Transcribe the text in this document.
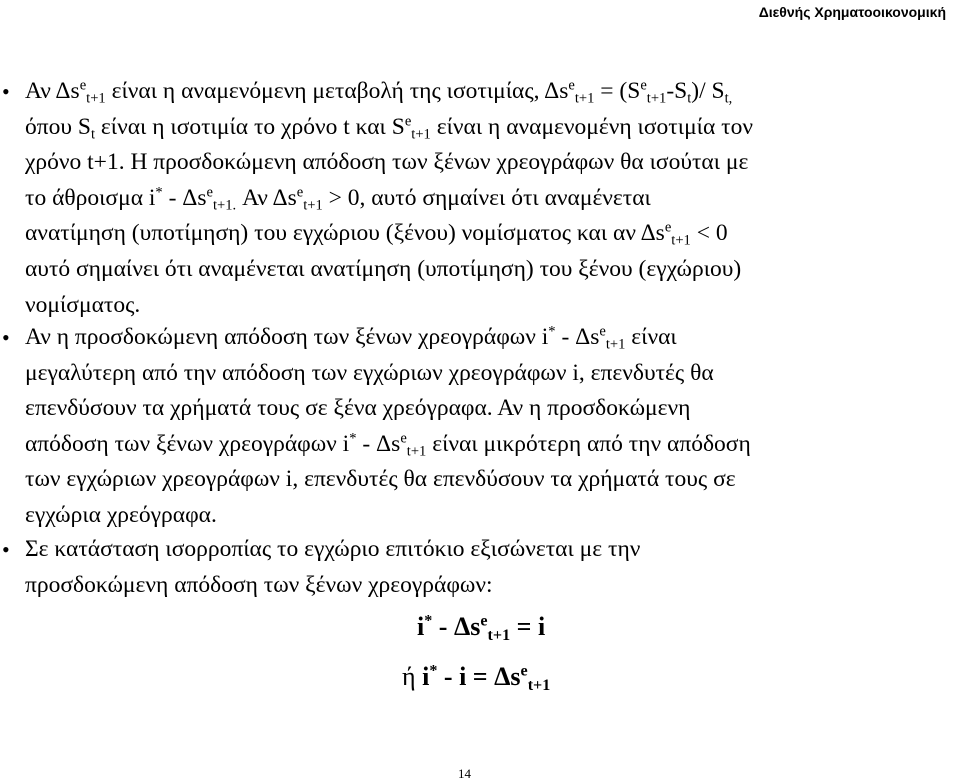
Διεθνής Χρηματοοικονομική
• Αν $\Delta s^e_{t+1}$ είναι η αναμενόμενη μεταβολή της ισοτιμίας, $\Delta s^e_{t+1} = (S^e_{t+1}-S_t)/$ $S_{t,}$
όπου $S_t$ είναι η ισοτιμία το χρόνο t και $S^e_{t+1}$ είναι η αναμενομένη ισοτιμία τον
χρόνο t+1. Η προσδοκώμενη απόδοση των ξένων χρεογράφων θα ισούται με
το άθροισμα $i^* - \Delta s^e_{t+1.}$ Αν $\Delta s^e_{t+1} > 0$, αυτό σημαίνει ότι αναμένεται
ανατίμηση (υποτίμηση) του εγχώριου (ξένου) νομίσματος και αν $\Delta s^e_{t+1} < 0$
αυτό σημαίνει ότι αναμένεται ανατίμηση (υποτίμηση) του ξένου (εγχώριου)
νομίσματος.
• Αν η προσδοκώμενη απόδοση των ξένων χρεογράφων $i^* - \Delta s^e_{t+1}$ είναι
μεγαλύτερη από την απόδοση των εγχώριων χρεογράφων i, επενδυτές θα
επενδύσουν τα χρήματά τους σε ξένα χρεόγραφα. Αν η προσδοκώμενη
απόδοση των ξένων χρεογράφων $i^* - \Delta s^e_{t+1}$ είναι μικρότερη από την απόδοση
των εγχώριων χρεογράφων i, επενδυτές θα επενδύσουν τα χρήματά τους σε
εγχώρια χρεόγραφα.
• Σε κατάσταση ισορροπίας το εγχώριο επιτόκιο εξισώνεται με την
προσδοκώμενη απόδοση των ξένων χρεογράφων:
$i^* - \Delta s^e_{t+1} = i$
ή $i^* - i = \Delta s^e_{t+1}$
14
